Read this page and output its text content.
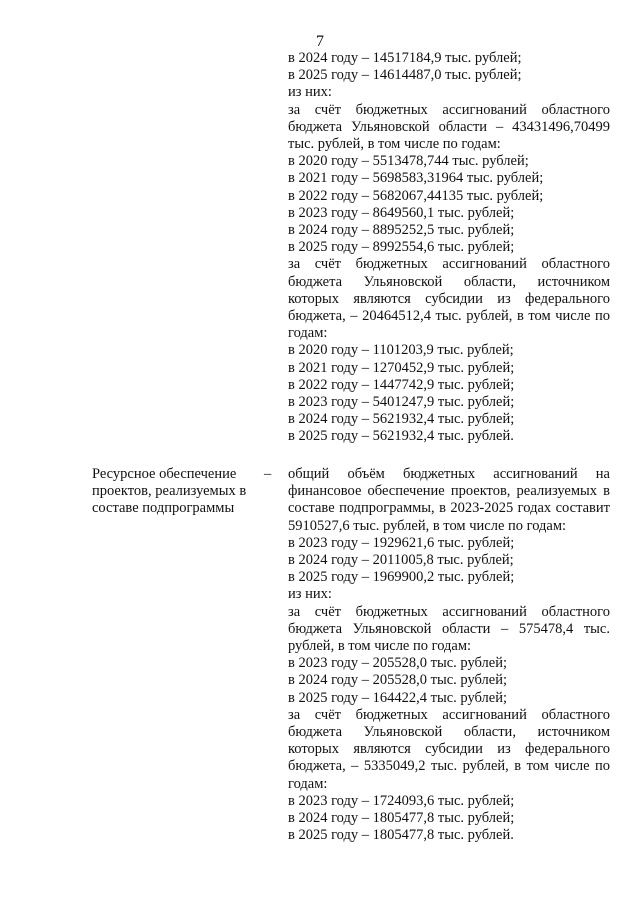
7

в 2024 году – 14517184,9 тыс. рублей;

в 2025 году – 14614487,0 тыс. рублей;

из них:

за счёт бюджетных ассигнований областного бюджета Ульяновской области – 43431496,70499 тыс. рублей, в том числе по годам:

в 2020 году – 5513478,744 тыс. рублей;

в 2021 году – 5698583,31964 тыс. рублей;

в 2022 году – 5682067,44135 тыс. рублей;

в 2023 году – 8649560,1 тыс. рублей;

в 2024 году – 8895252,5 тыс. рублей;

в 2025 году – 8992554,6 тыс. рублей;

за счёт бюджетных ассигнований областного бюджета Ульяновской области, источником которых являются субсидии из федерального бюджета, – 20464512,4 тыс. рублей, в том числе по годам:

в 2020 году – 1101203,9 тыс. рублей;

в 2021 году – 1270452,9 тыс. рублей;

в 2022 году – 1447742,9 тыс. рублей;

в 2023 году – 5401247,9 тыс. рублей;

в 2024 году – 5621932,4 тыс. рублей;

в 2025 году – 5621932,4 тыс. рублей.

Ресурсное обеспечение проектов, реализуемых в составе подпрограммы
– общий объём бюджетных ассигнований на финансовое обеспечение проектов, реализуемых в составе подпрограммы, в 2023-2025 годах составит 5910527,6 тыс. рублей, в том числе по годам:

в 2023 году – 1929621,6 тыс. рублей;

в 2024 году – 2011005,8 тыс. рублей;

в 2025 году – 1969900,2 тыс. рублей;

из них:

за счёт бюджетных ассигнований областного бюджета Ульяновской области – 575478,4 тыс. рублей, в том числе по годам:

в 2023 году – 205528,0 тыс. рублей;

в 2024 году – 205528,0 тыс. рублей;

в 2025 году – 164422,4 тыс. рублей;

за счёт бюджетных ассигнований областного бюджета Ульяновской области, источником которых являются субсидии из федерального бюджета, – 5335049,2 тыс. рублей, в том числе по годам:

в 2023 году – 1724093,6 тыс. рублей;

в 2024 году – 1805477,8 тыс. рублей;

в 2025 году – 1805477,8 тыс. рублей.
